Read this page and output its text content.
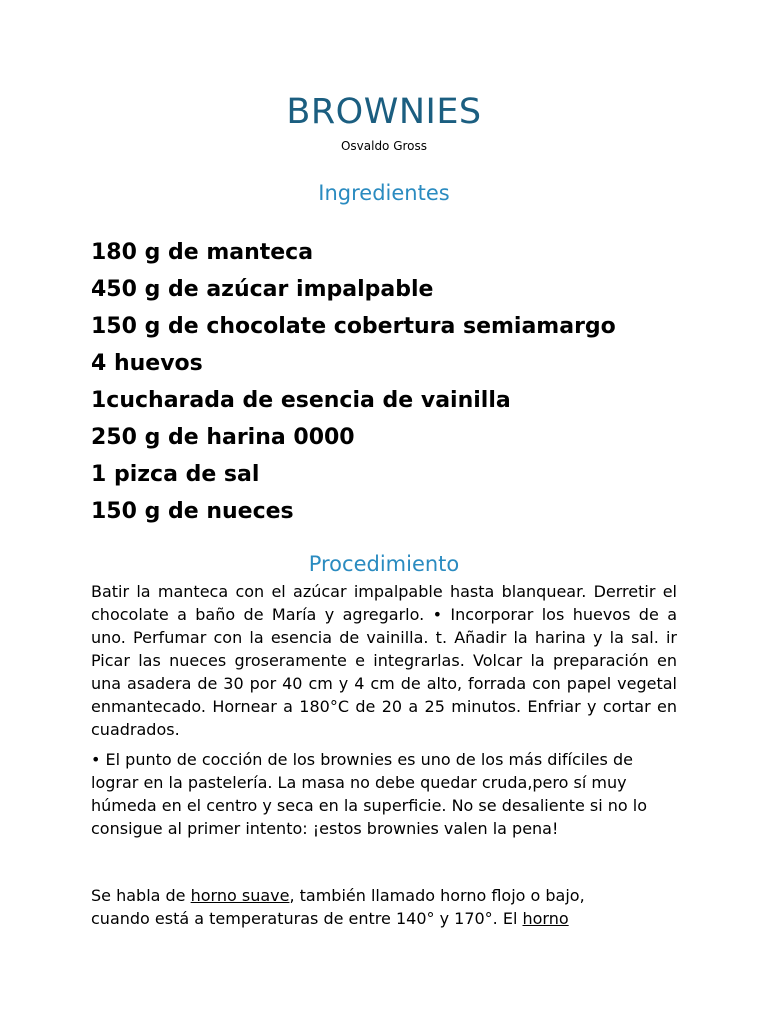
BROWNIES
Osvaldo Gross
Ingredientes
180 g de manteca
450 g de azúcar impalpable
150 g de chocolate cobertura semiamargo
4 huevos
1cucharada de esencia de vainilla
250 g de harina 0000
1 pizca de sal
150 g de nueces
Procedimiento

Batir la manteca con el azúcar impalpable hasta blanquear. Derretir el chocolate a baño de María y agregarlo. • Incorporar los huevos de a uno. Perfumar con la esencia de vainilla. t. Añadir la harina y la sal. ir Picar las nueces groseramente e integrarlas. Volcar la preparación en una asadera de 30 por 40 cm y 4 cm de alto, forrada con papel vegetal enmantecado. Hornear a 180°C de 20 a 25 minutos. Enfriar y cortar en cuadrados.

• El punto de cocción de los brownies es uno de los más difíciles de lograr en la pastelería. La masa no debe quedar cruda,pero sí muy húmeda en el centro y seca en la superficie. No se desaliente si no lo consigue al primer intento: ¡estos brownies valen la pena!

Se habla de horno suave, también llamado horno flojo o bajo,
cuando está a temperaturas de entre 140° y 170°. El horno
